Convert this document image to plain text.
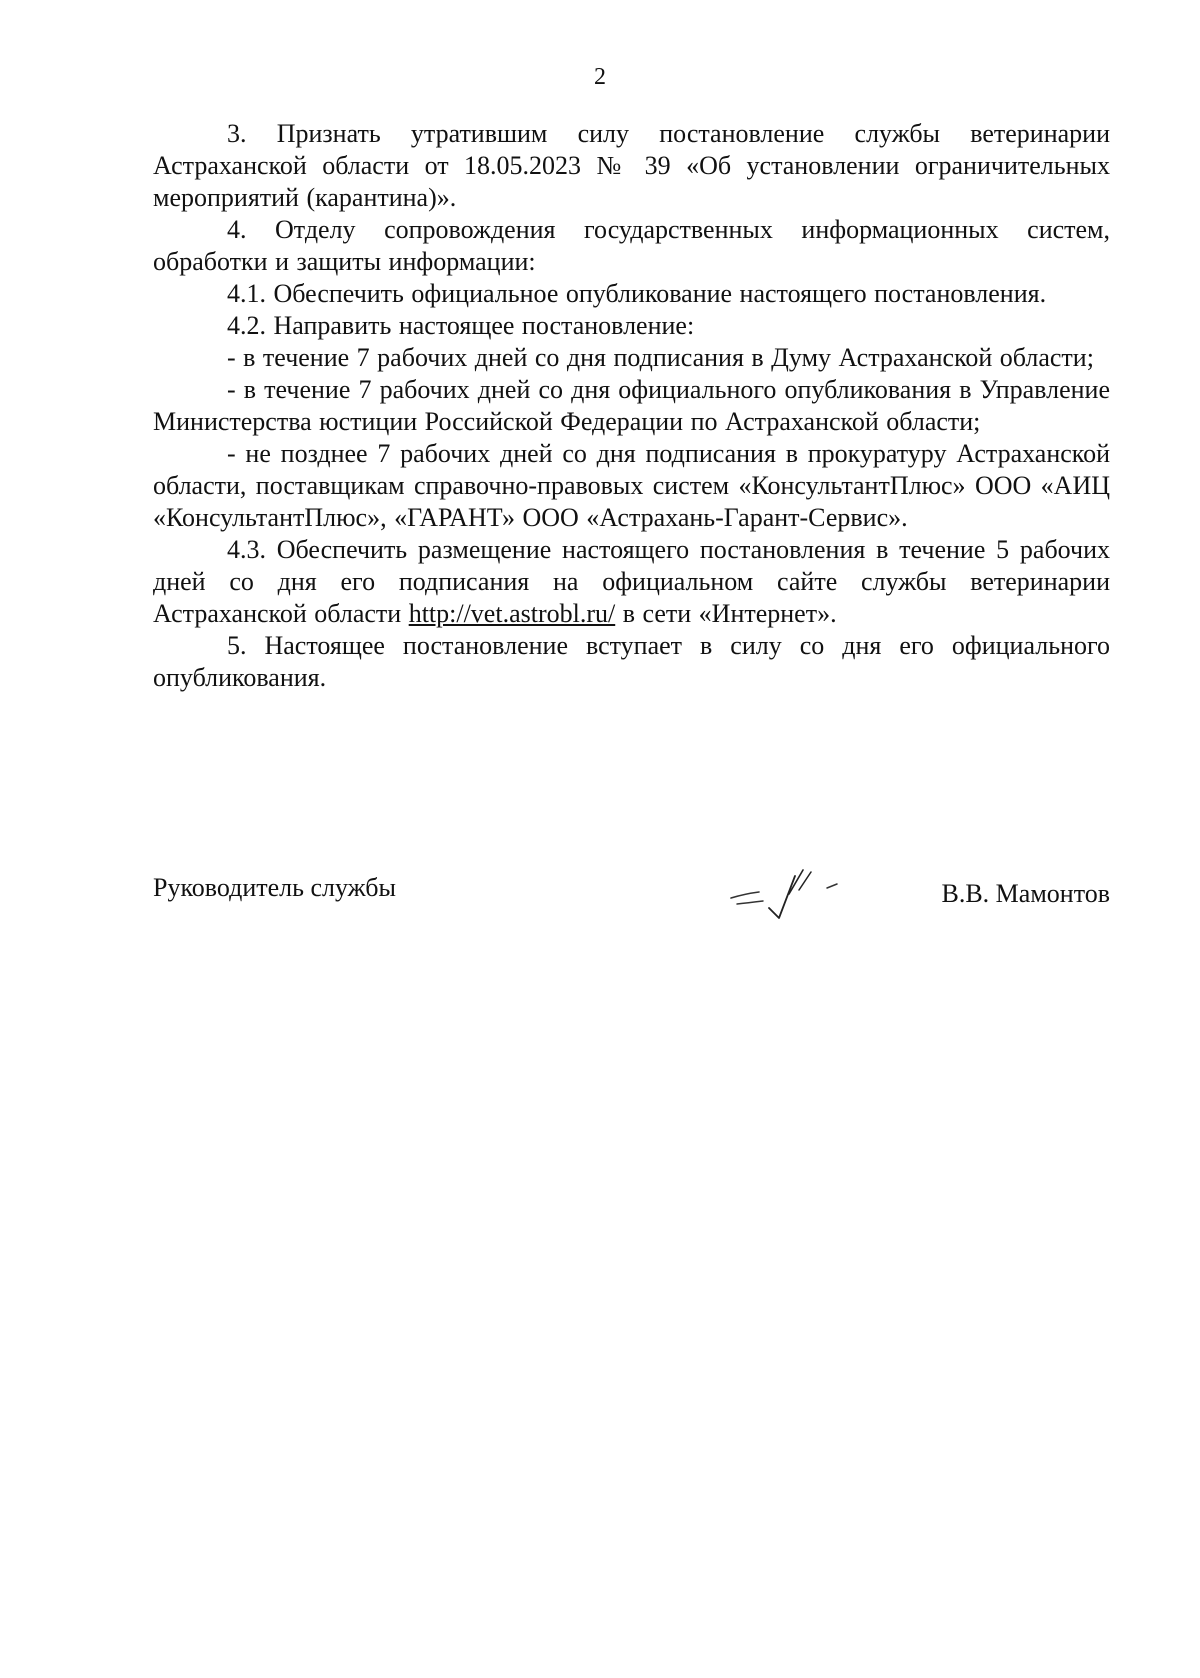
2

3. Признать утратившим силу постановление службы ветеринарии Астраханской области от 18.05.2023 № 39 «Об установлении ограничительных мероприятий (карантина)».

4. Отделу сопровождения государственных информационных систем, обработки и защиты информации:

4.1. Обеспечить официальное опубликование настоящего постановления.

4.2. Направить настоящее постановление:

- в течение 7 рабочих дней со дня подписания в Думу Астраханской области;

- в течение 7 рабочих дней со дня официального опубликования в Управление Министерства юстиции Российской Федерации по Астраханской области;

- не позднее 7 рабочих дней со дня подписания в прокуратуру Астраханской области, поставщикам справочно-правовых систем «КонсультантПлюс» ООО «АИЦ «КонсультантПлюс», «ГАРАНТ» ООО «Астрахань-Гарант-Сервис».

4.3. Обеспечить размещение настоящего постановления в течение 5 рабочих дней со дня его подписания на официальном сайте службы ветеринарии Астраханской области http://vet.astrobl.ru/ в сети «Интернет».

5. Настоящее постановление вступает в силу со дня его официального опубликования.

Руководитель службы	В.В. Мамонтов
